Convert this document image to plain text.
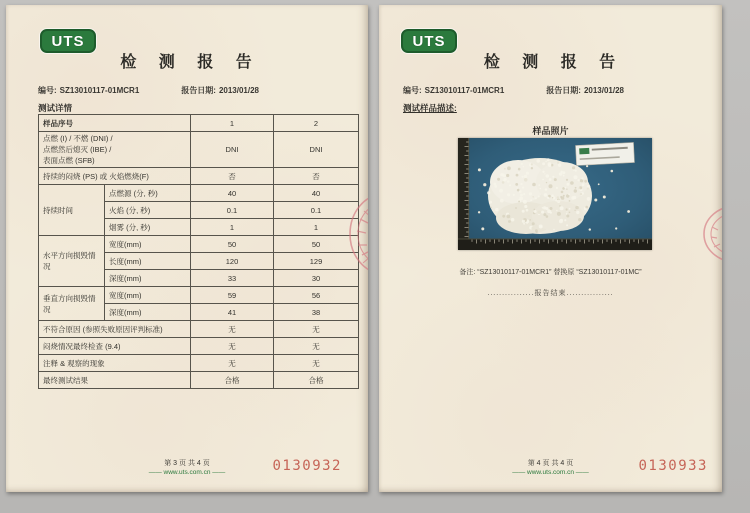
UTS
检 测 报 告
编号: SZ13010117-01MCR1	报告日期: 2013/01/28
测试详情
样品序号		1	2

点燃 (I) / 不燃 (DNI) /
点燃然后熄灭 (IBE) /
表面点燃 (SFB)		DNI	DNI
持续的闷烧 (PS) 或 火焰燃烧(F)		否	否
持续时间	点燃源 (分, 秒)	40	40
	火焰 (分, 秒)	0.1	0.1
	烟雾 (分, 秒)	1	1
水平方向损毁情况	宽度(mm)	50	50
	长度(mm)	120	129
	深度(mm)	33	30
垂直方向损毁情况	宽度(mm)	59	56
	深度(mm)	41	38
不符合原因 (参照失败原因评判标准)		无	无
闷烧情况最终检查 (9.4)		无	无
注释 & 观察的现象		无	无
最终测试结果		合格	合格
第 3 页 共 4 页
—— www.uts.com.cn ——	0130932
UTS
检 测 报 告
编号: SZ13010117-01MCR1	报告日期: 2013/01/28
测试样品描述:
样品照片
备注: “SZ13010117-01MCR1” 替换原 “SZ13010117-01MC”
................报告结束................
第 4 页 共 4 页
—— www.uts.com.cn ——	0130933
